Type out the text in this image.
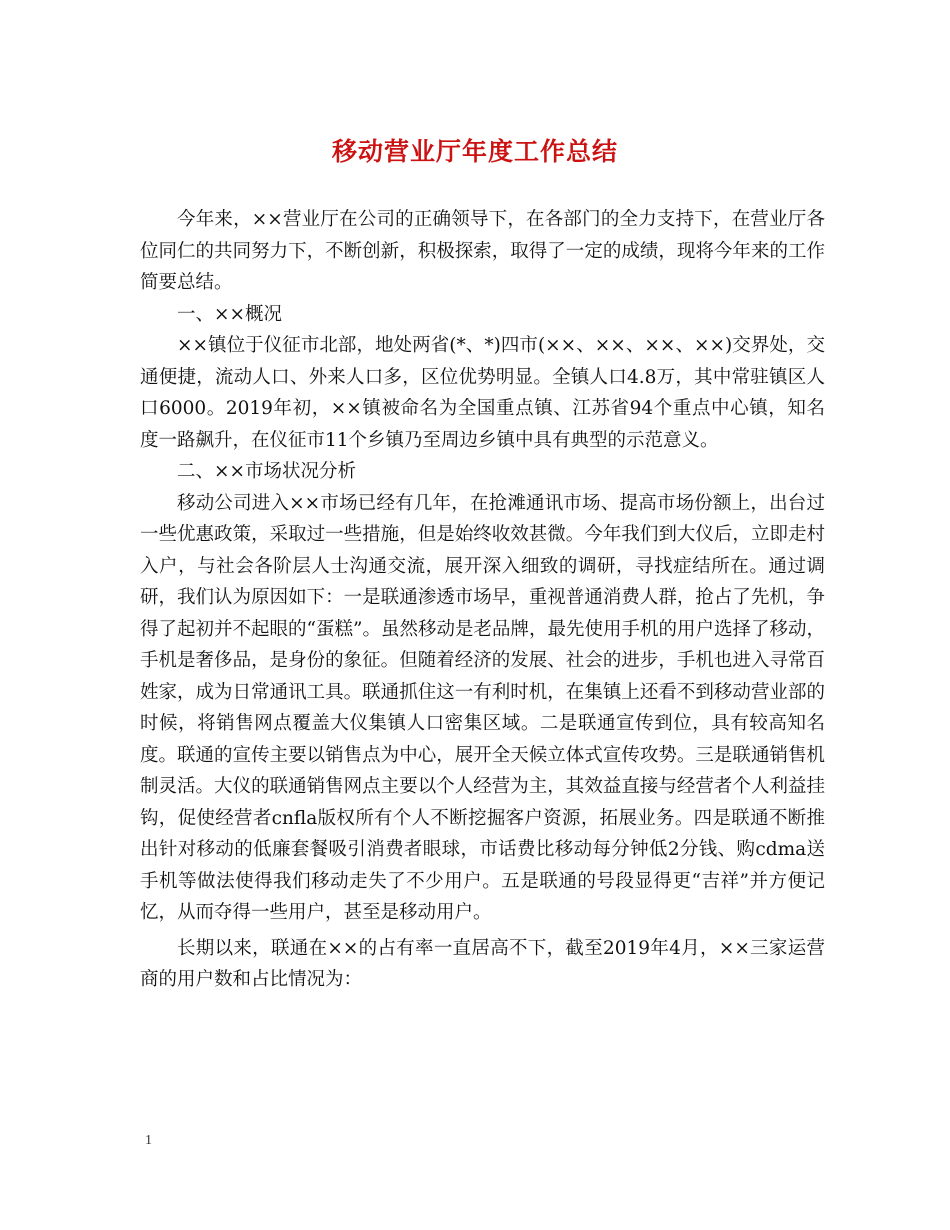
移动营业厅年度工作总结

今年来，××营业厅在公司的正确领导下，在各部门的全力支持下，在营业厅各位同仁的共同努力下，不断创新，积极探索，取得了一定的成绩，现将今年来的工作简要总结。

一、××概况

××镇位于仪征市北部，地处两省(*、*)四市(××、××、××、××)交界处，交通便捷，流动人口、外来人口多，区位优势明显。全镇人口4.8万，其中常驻镇区人口6000。2019年初，××镇被命名为全国重点镇、江苏省94个重点中心镇，知名度一路飙升，在仪征市11个乡镇乃至周边乡镇中具有典型的示范意义。

二、××市场状况分析

移动公司进入××市场已经有几年，在抢滩通讯市场、提高市场份额上，出台过一些优惠政策，采取过一些措施，但是始终收效甚微。今年我们到大仪后，立即走村入户，与社会各阶层人士沟通交流，展开深入细致的调研，寻找症结所在。通过调研，我们认为原因如下：一是联通渗透市场早，重视普通消费人群，抢占了先机，争得了起初并不起眼的“蛋糕”。虽然移动是老品牌，最先使用手机的用户选择了移动，手机是奢侈品，是身份的象征。但随着经济的发展、社会的进步，手机也进入寻常百姓家，成为日常通讯工具。联通抓住这一有利时机，在集镇上还看不到移动营业部的时候，将销售网点覆盖大仪集镇人口密集区域。二是联通宣传到位，具有较高知名度。联通的宣传主要以销售点为中心，展开全天候立体式宣传攻势。三是联通销售机制灵活。大仪的联通销售网点主要以个人经营为主，其效益直接与经营者个人利益挂钩，促使经营者cnfla版权所有个人不断挖掘客户资源，拓展业务。四是联通不断推出针对移动的低廉套餐吸引消费者眼球，市话费比移动每分钟低2分钱、购cdma送手机等做法使得我们移动走失了不少用户。五是联通的号段显得更“吉祥”并方便记忆，从而夺得一些用户，甚至是移动用户。

长期以来，联通在××的占有率一直居高不下，截至2019年4月，××三家运营商的用户数和占比情况为：

1
